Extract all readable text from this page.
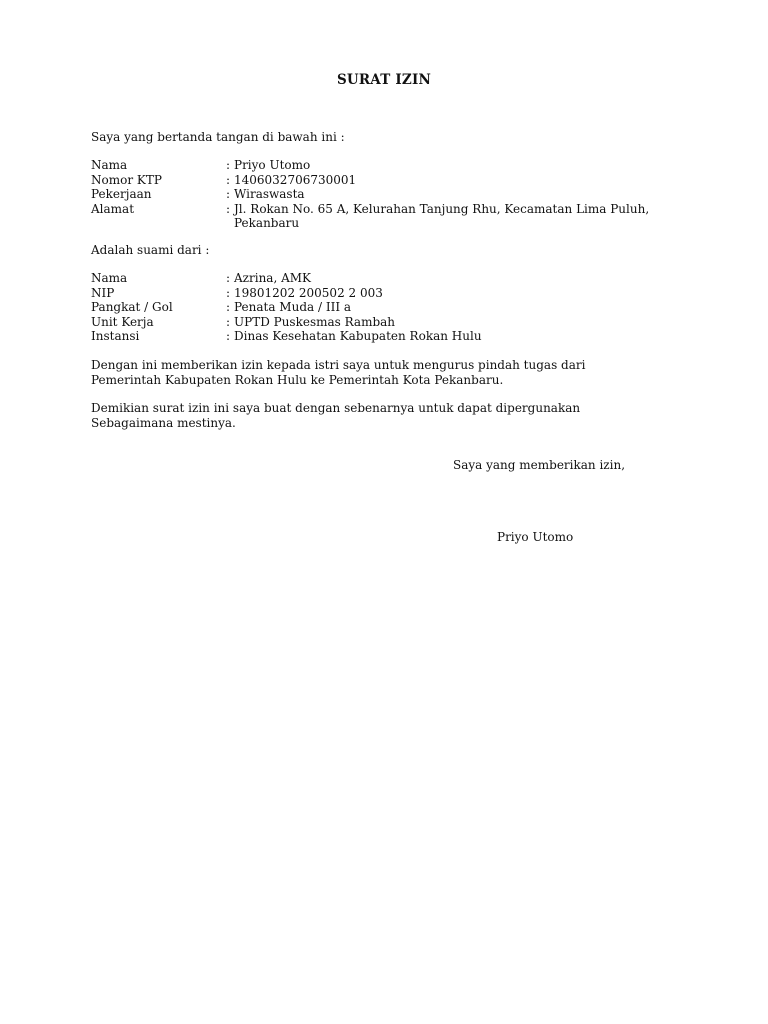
SURAT IZIN

Saya yang bertanda tangan di bawah ini :

Nama	: Priyo Utomo
Nomor KTP	: 1406032706730001
Pekerjaan	: Wiraswasta
Alamat	: Jl. Rokan No. 65 A, Kelurahan Tanjung Rhu, Kecamatan Lima Puluh, Pekanbaru

Adalah suami dari :

Nama	: Azrina, AMK
NIP	: 19801202 200502 2 003
Pangkat / Gol	: Penata Muda / III a
Unit Kerja	: UPTD Puskesmas Rambah
Instansi	: Dinas Kesehatan Kabupaten Rokan Hulu

Dengan ini memberikan izin kepada istri saya untuk mengurus pindah tugas dari

Pemerintah Kabupaten Rokan Hulu ke Pemerintah Kota Pekanbaru.

Demikian surat izin ini saya buat dengan sebenarnya untuk dapat dipergunakan

Sebagaimana mestinya.

Saya yang memberikan izin,
Priyo Utomo
